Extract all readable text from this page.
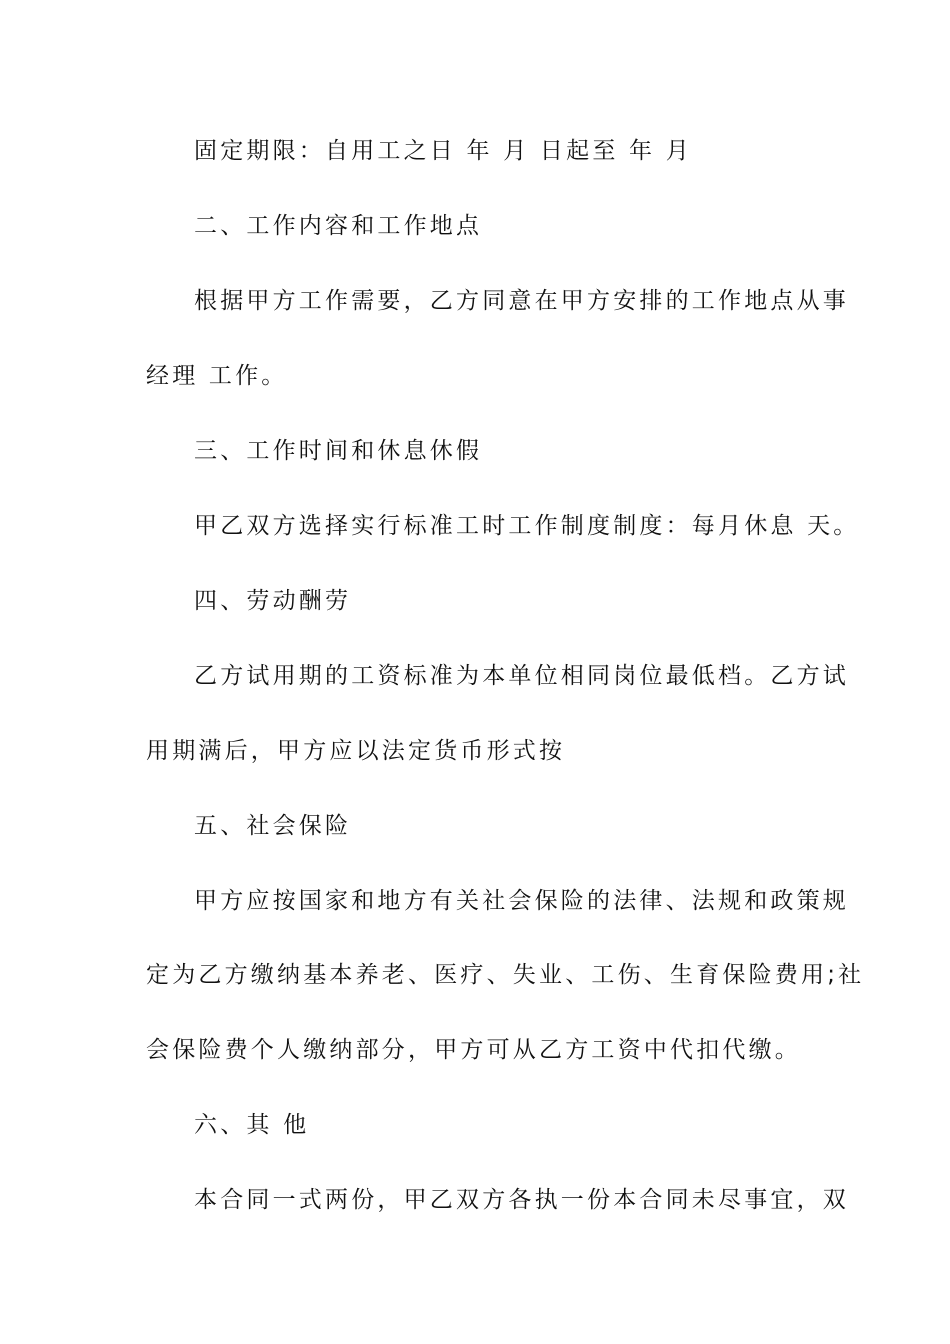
固定期限：自用工之日 年 月 日起至 年 月
二、工作内容和工作地点
根据甲方工作需要，乙方同意在甲方安排的工作地点从事
经理 工作。
三、工作时间和休息休假
甲乙双方选择实行标准工时工作制度制度：每月休息 天。
四、劳动酬劳
乙方试用期的工资标准为本单位相同岗位最低档。乙方试
用期满后，甲方应以法定货币形式按
五、社会保险
甲方应按国家和地方有关社会保险的法律、法规和政策规
定为乙方缴纳基本养老、医疗、失业、工伤、生育保险费用;社
会保险费个人缴纳部分，甲方可从乙方工资中代扣代缴。
六、其 他
本合同一式两份，甲乙双方各执一份本合同未尽事宜，双
